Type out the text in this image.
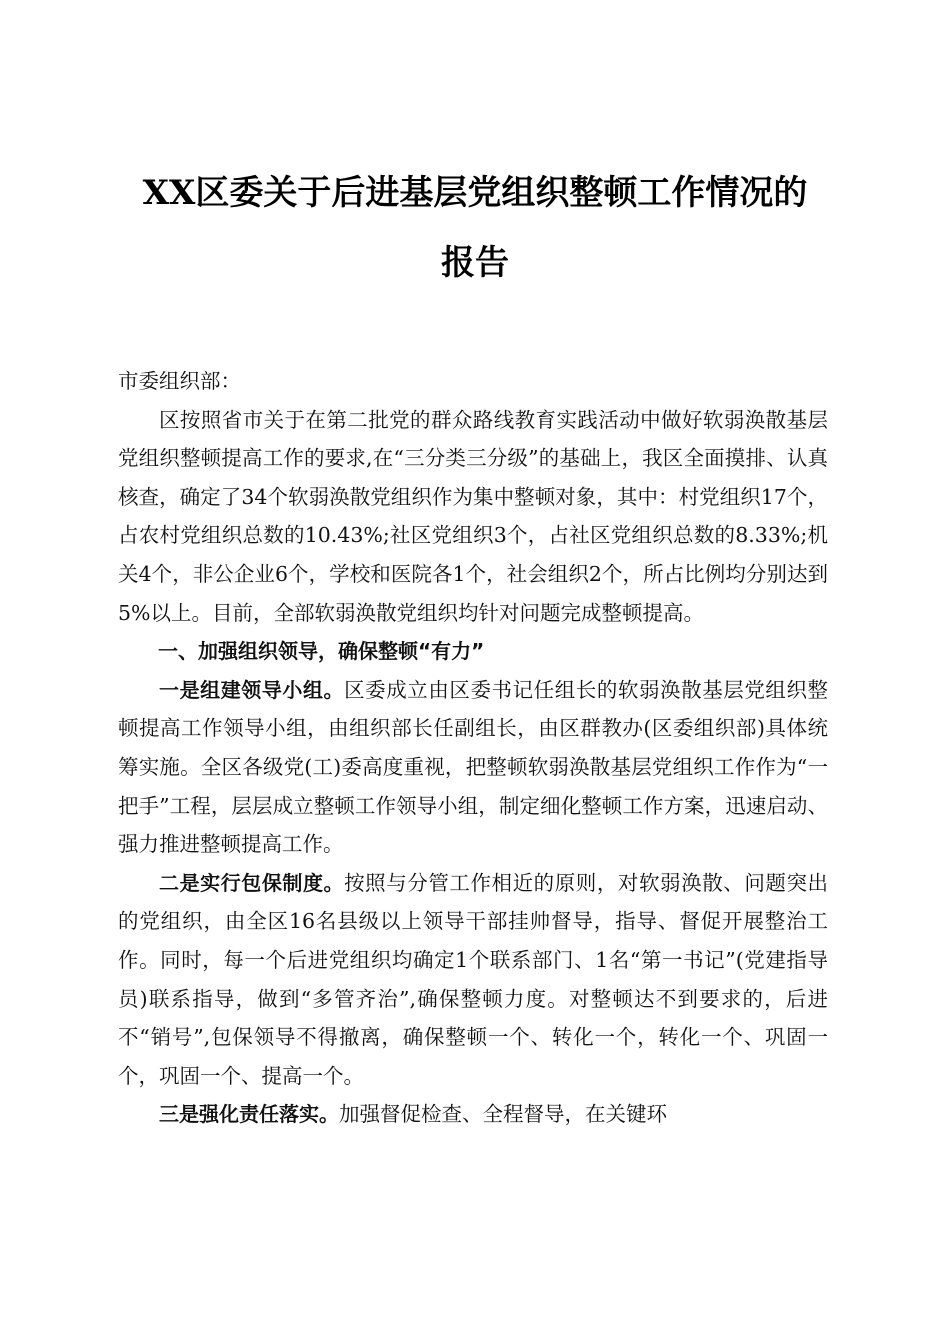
XX区委关于后进基层党组织整顿工作情况的
报告

市委组织部：

区按照省市关于在第二批党的群众路线教育实践活动中做好软弱涣散基层党组织整顿提高工作的要求,在“三分类三分级”的基础上，我区全面摸排、认真核查，确定了34个软弱涣散党组织作为集中整顿对象，其中：村党组织17个，占农村党组织总数的10.43%;社区党组织3个，占社区党组织总数的8.33%;机关4个，非公企业6个，学校和医院各1个，社会组织2个，所占比例均分别达到5%以上。目前，全部软弱涣散党组织均针对问题完成整顿提高。

一、加强组织领导，确保整顿“有力”

一是组建领导小组。区委成立由区委书记任组长的软弱涣散基层党组织整顿提高工作领导小组，由组织部长任副组长，由区群教办(区委组织部)具体统筹实施。全区各级党(工)委高度重视，把整顿软弱涣散基层党组织工作作为“一把手”工程，层层成立整顿工作领导小组，制定细化整顿工作方案，迅速启动、强力推进整顿提高工作。

二是实行包保制度。按照与分管工作相近的原则，对软弱涣散、问题突出的党组织，由全区16名县级以上领导干部挂帅督导，指导、督促开展整治工作。同时，每一个后进党组织均确定1个联系部门、1名“第一书记”(党建指导员)联系指导，做到“多管齐治”,确保整顿力度。对整顿达不到要求的，后进不“销号”,包保领导不得撤离，确保整顿一个、转化一个，转化一个、巩固一个，巩固一个、提高一个。

三是强化责任落实。加强督促检查、全程督导，在关键环
